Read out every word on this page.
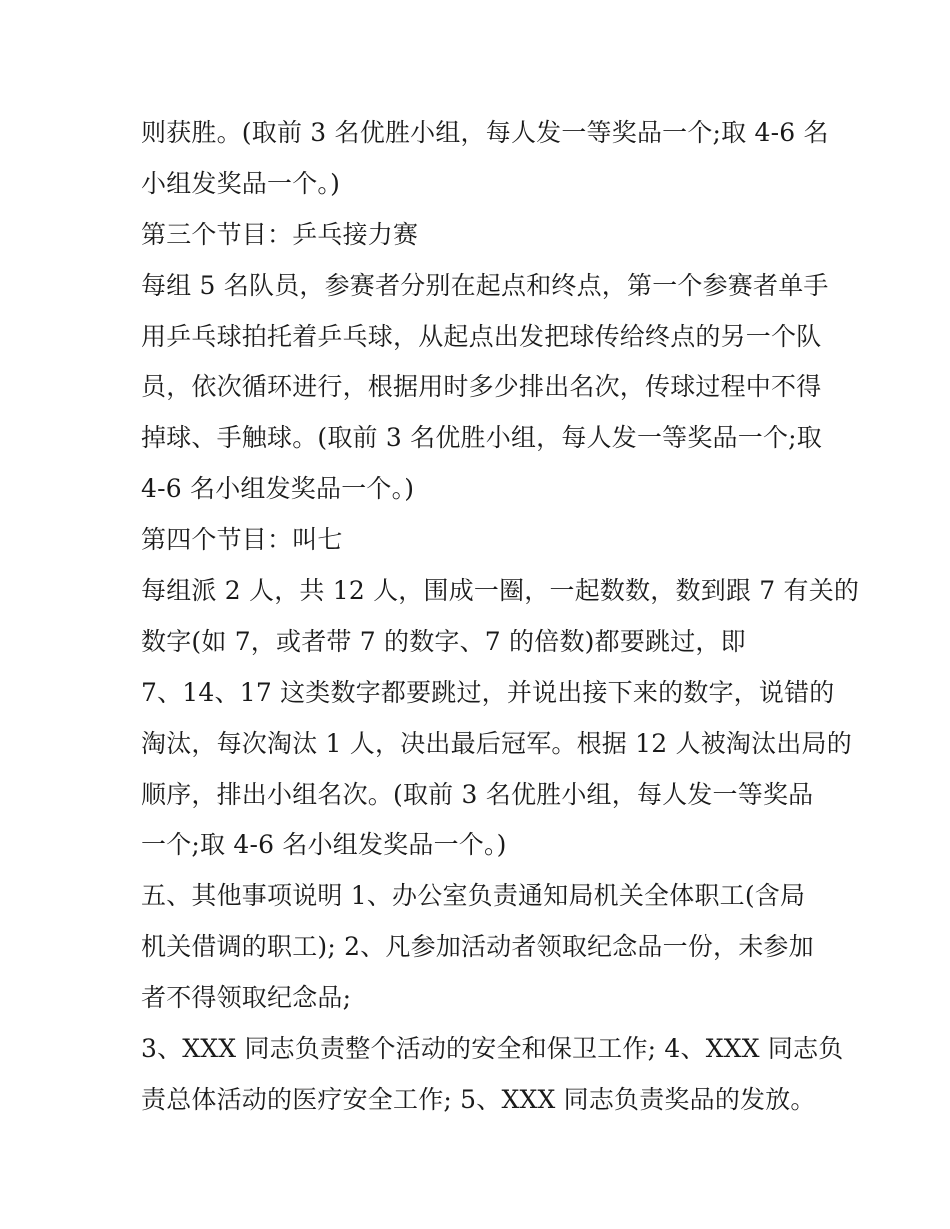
则获胜。(取前 3 名优胜小组，每人发一等奖品一个;取 4-6 名
小组发奖品一个。)
第三个节目：乒乓接力赛
每组 5 名队员，参赛者分别在起点和终点，第一个参赛者单手
用乒乓球拍托着乒乓球，从起点出发把球传给终点的另一个队
员，依次循环进行，根据用时多少排出名次，传球过程中不得
掉球、手触球。(取前 3 名优胜小组，每人发一等奖品一个;取
4-6 名小组发奖品一个。)
第四个节目：叫七
每组派 2 人，共 12 人，围成一圈，一起数数，数到跟 7 有关的
数字(如 7，或者带 7 的数字、7 的倍数)都要跳过，即
7、14、17 这类数字都要跳过，并说出接下来的数字，说错的
淘汰，每次淘汰 1 人，决出最后冠军。根据 12 人被淘汰出局的
顺序，排出小组名次。(取前 3 名优胜小组，每人发一等奖品
一个;取 4-6 名小组发奖品一个。)
五、其他事项说明 1、办公室负责通知局机关全体职工(含局
机关借调的职工); 2、凡参加活动者领取纪念品一份，未参加
者不得领取纪念品;
3、XXX 同志负责整个活动的安全和保卫工作; 4、XXX 同志负
责总体活动的医疗安全工作; 5、XXX 同志负责奖品的发放。
